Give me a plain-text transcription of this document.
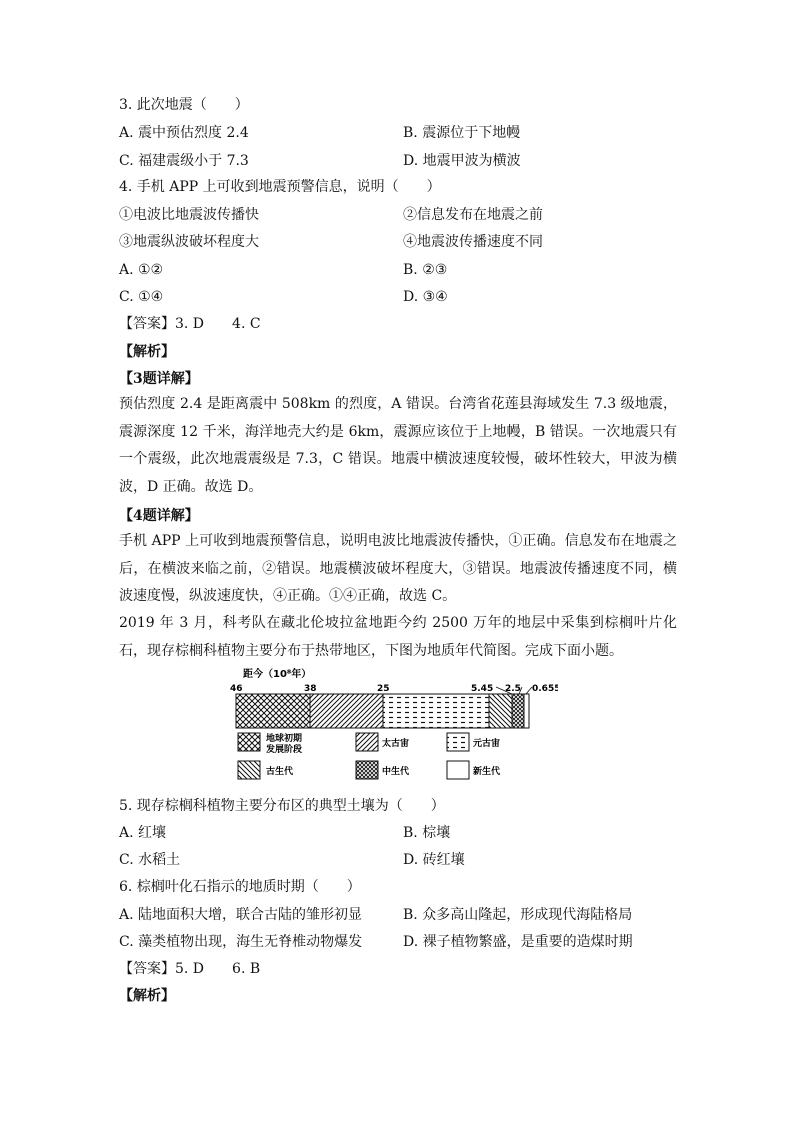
3. 此次地震（　　）
A. 震中预估烈度 2.4	B. 震源位于下地幔
C. 福建震级小于 7.3	D. 地震甲波为横波
4. 手机 APP 上可收到地震预警信息，说明（　　）
①电波比地震波传播快	②信息发布在地震之前
③地震纵波破坏程度大	④地震波传播速度不同
A. ①②	B. ②③
C. ①④	D. ③④
【答案】3. D　　4. C
【解析】
【3题详解】
预估烈度 2.4 是距离震中 508km 的烈度，A 错误。台湾省花莲县海域发生 7.3 级地震，震源深度 12 千米，海洋地壳大约是 6km，震源应该位于上地幔，B 错误。一次地震只有一个震级，此次地震震级是 7.3，C 错误。地震中横波速度较慢，破坏性较大，甲波为横波，D 正确。故选 D。
【4题详解】
手机 APP 上可收到地震预警信息，说明电波比地震波传播快，①正确。信息发布在地震之后，在横波来临之前，②错误。地震横波破坏程度大，③错误。地震波传播速度不同，横波速度慢，纵波速度快，④正确。①④正确，故选 C。
2019 年 3 月，科考队在藏北伦坡拉盆地距今约 2500 万年的地层中采集到棕榈叶片化石，现存棕榈科植物主要分布于热带地区，下图为地质年代简图。完成下面小题。
距今（10⁸年）
46	38	25	5.45 2.5 0.655
地球初期
发展阶段
太古宙	元古宙
古生代	中生代	新生代
5. 现存棕榈科植物主要分布区的典型土壤为（　　）
A. 红壤	B. 棕壤
C. 水稻土	D. 砖红壤
6. 棕榈叶化石指示的地质时期（　　）
A. 陆地面积大增，联合古陆的雏形初显	B. 众多高山隆起，形成现代海陆格局
C. 藻类植物出现，海生无脊椎动物爆发	D. 裸子植物繁盛，是重要的造煤时期
【答案】5. D　　6. B
【解析】
